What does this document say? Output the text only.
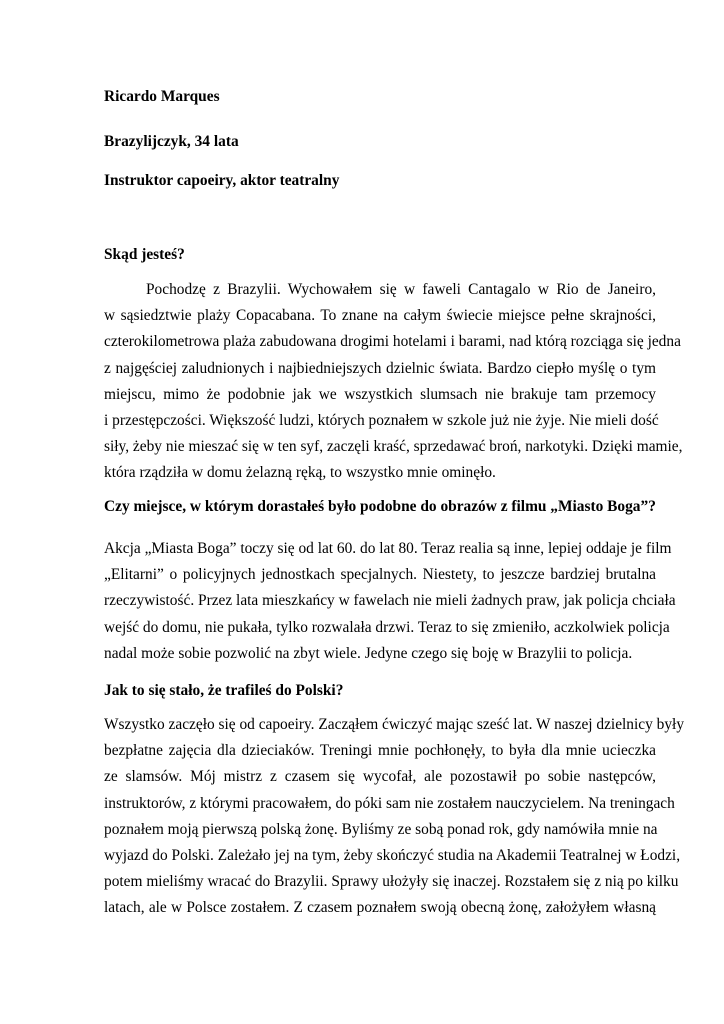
Ricardo Marques
Brazylijczyk, 34 lata
Instruktor capoeiry, aktor teatralny
Skąd jesteś?
Pochodzę z Brazylii. Wychowałem się w faweli Cantagalo w Rio de Janeiro,
w sąsiedztwie plaży Copacabana. To znane na całym świecie miejsce pełne skrajności,
czterokilometrowa plaża zabudowana drogimi hotelami i barami, nad którą rozciąga się jedna
z najgęściej zaludnionych i najbiedniejszych dzielnic świata. Bardzo ciepło myślę o tym
miejscu, mimo że podobnie jak we wszystkich slumsach nie brakuje tam przemocy
i przestępczości. Większość ludzi, których poznałem w szkole już nie żyje. Nie mieli dość
siły, żeby nie mieszać się w ten syf, zaczęli kraść, sprzedawać broń, narkotyki. Dzięki mamie,
która rządziła w domu żelazną ręką, to wszystko mnie ominęło.
Czy miejsce, w którym dorastałeś było podobne do obrazów z filmu „Miasto Boga”?
Akcja „Miasta Boga” toczy się od lat 60. do lat 80. Teraz realia są inne, lepiej oddaje je film
„Elitarni” o policyjnych jednostkach specjalnych. Niestety, to jeszcze bardziej brutalna
rzeczywistość. Przez lata mieszkańcy w fawelach nie mieli żadnych praw, jak policja chciała
wejść do domu, nie pukała, tylko rozwalała drzwi. Teraz to się zmieniło, aczkolwiek policja
nadal może sobie pozwolić na zbyt wiele. Jedyne czego się boję w Brazylii to policja.
Jak to się stało, że trafileś do Polski?
Wszystko zaczęło się od capoeiry. Zacząłem ćwiczyć mając sześć lat. W naszej dzielnicy były
bezpłatne zajęcia dla dzieciaków. Treningi mnie pochłonęły, to była dla mnie ucieczka
ze slamsów. Mój mistrz z czasem się wycofał, ale pozostawił po sobie następców,
instruktorów, z którymi pracowałem, do póki sam nie zostałem nauczycielem. Na treningach
poznałem moją pierwszą polską żonę. Byliśmy ze sobą ponad rok, gdy namówiła mnie na
wyjazd do Polski. Zależało jej na tym, żeby skończyć studia na Akademii Teatralnej w Łodzi,
potem mieliśmy wracać do Brazylii. Sprawy ułożyły się inaczej. Rozstałem się z nią po kilku
latach, ale w Polsce zostałem. Z czasem poznałem swoją obecną żonę, założyłem własną
